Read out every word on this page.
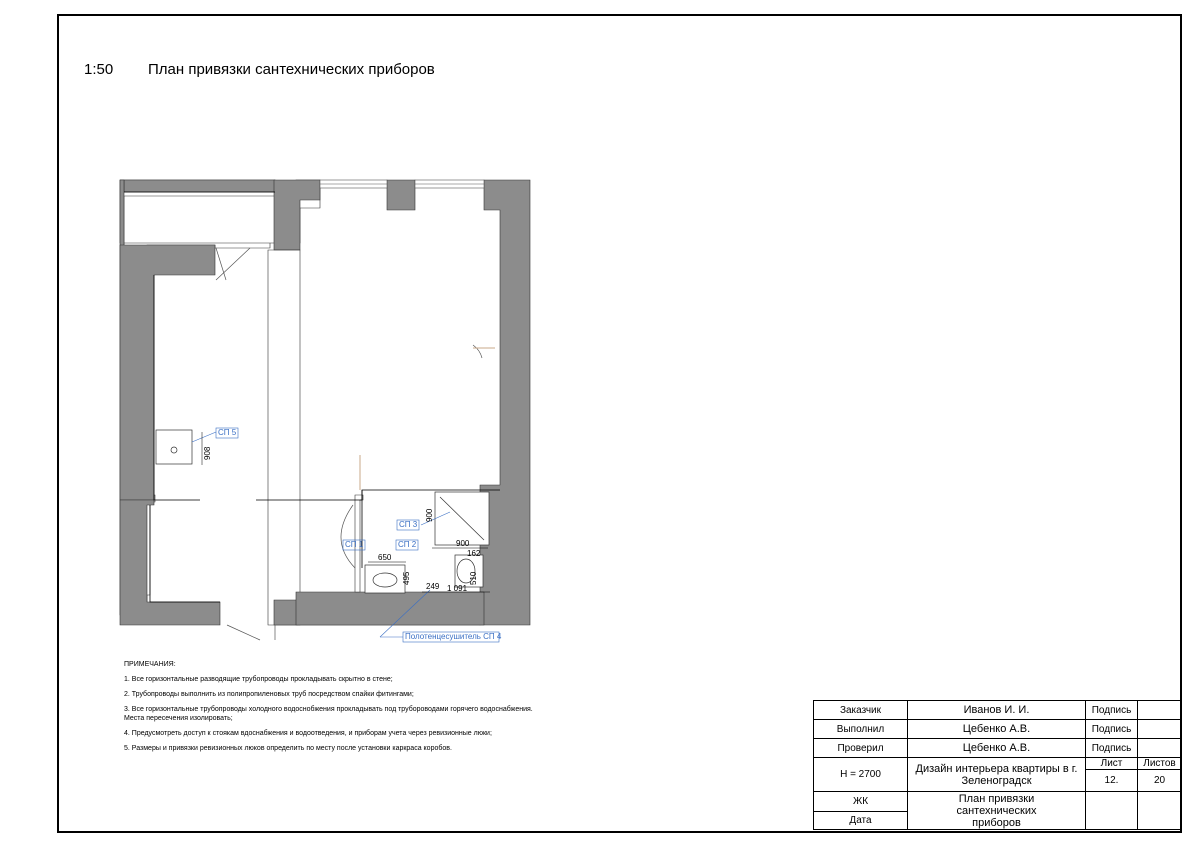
1:50 План привязки сантехнических приборов
СП 5
СП 3
СП 1	СП 2
Полотенцесушитель СП 4
908
900
900
650	162
495	510
249 1 091
ПРИМЕЧАНИЯ:
1. Все горизонтальные разводящие трубопроводы прокладывать скрытно в стене;
2. Трубопроводы выполнить из полипропиленовых труб посредством спайки фитингами;
3. Все горизонтальные трубопроводы холодного водоснобжения прокладывать под трубороводами горячего водоснабжения. Места пересечения изолировать;
4. Предусмотреть доступ к стоякам вдоснабжения и водоотведения, и приборам учета через ревизионные люки;
5. Размеры и привязки ревизионных люков определить по месту после установки каркраса коробов.
Заказчик	Иванов И. И.	Подпись	
Выполнил	Цебенко А.В.	Подпись	
Проверил	Цебенко А.В.	Подпись	
Н = 2700	Дизайн интерьера квартиры в г. Зеленоградск	Лист	Листов
		12.	20
ЖК	План привязки сантехнических приборов		
Дата			
